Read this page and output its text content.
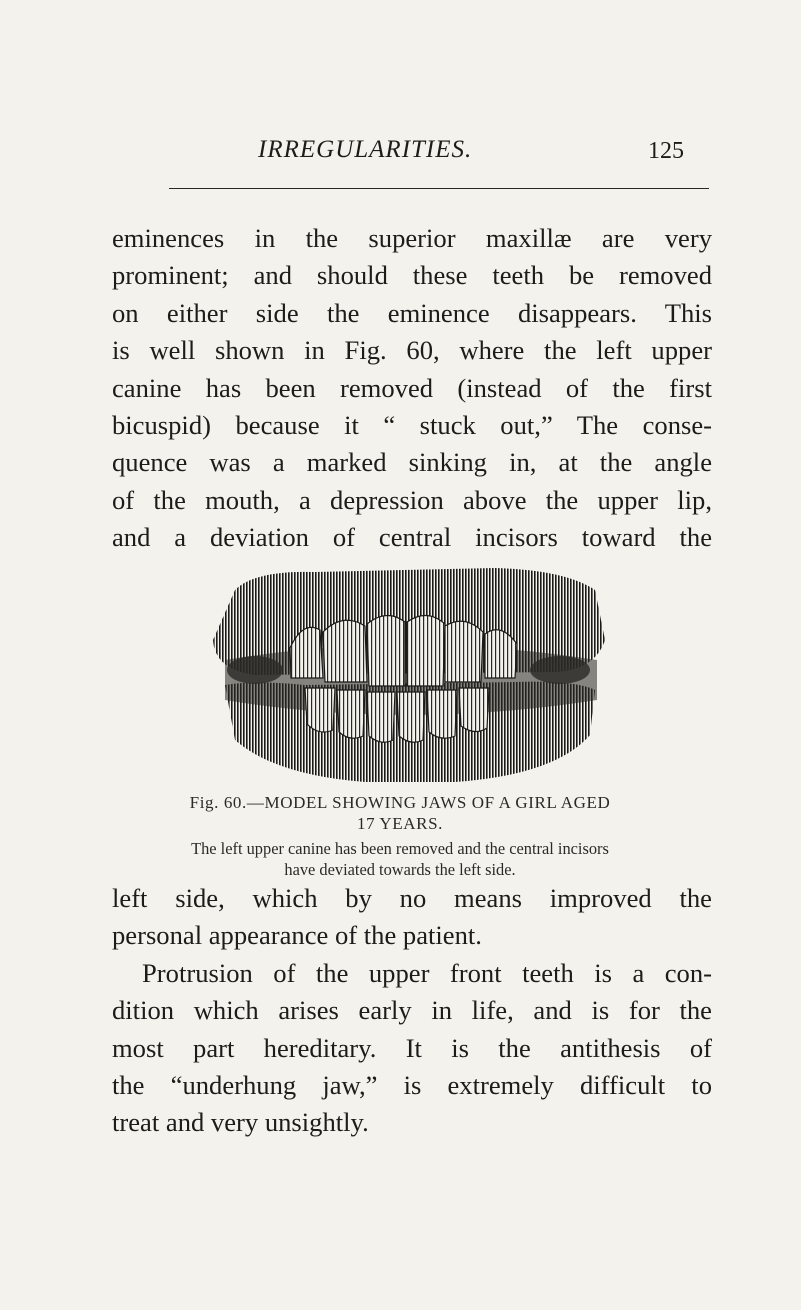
IRREGULARITIES.	125

eminences in the superior maxillæ are very
prominent; and should these teeth be removed
on either side the eminence disappears. This
is well shown in Fig. 60, where the left upper
canine has been removed (instead of the first
bicuspid) because it “ stuck out,” The conse-
quence was a marked sinking in, at the angle
of the mouth, a depression above the upper lip,
and a deviation of central incisors toward the

Fig. 60.—MODEL SHOWING JAWS OF A GIRL AGED
17 YEARS.
The left upper canine has been removed and the central incisors
have deviated towards the left side.

left side, which by no means improved the
personal appearance of the patient.
Protrusion of the upper front teeth is a con-
dition which arises early in life, and is for the
most part hereditary. It is the antithesis of
the “underhung jaw,” is extremely difficult to
treat and very unsightly.
